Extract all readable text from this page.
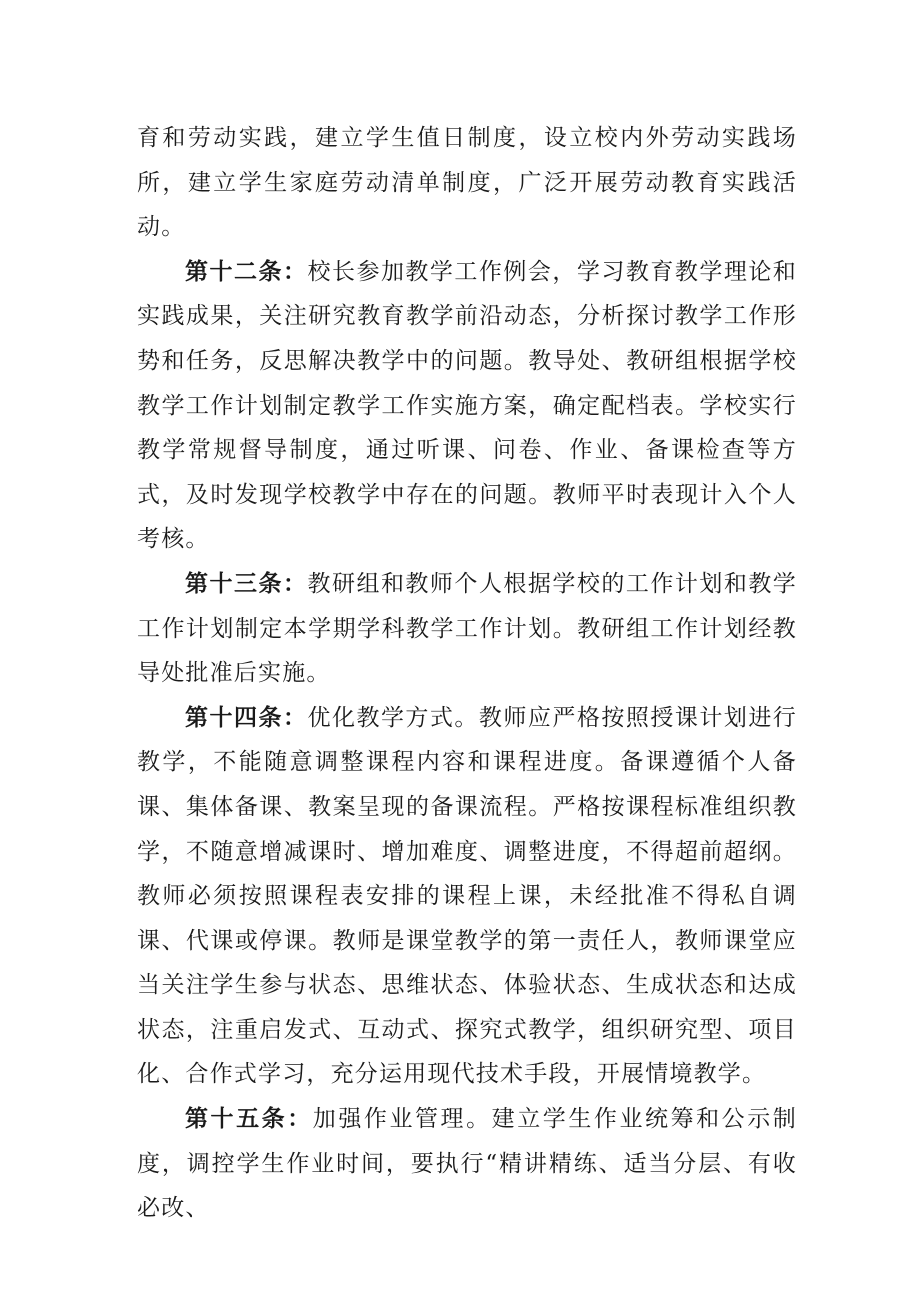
育和劳动实践，建立学生值日制度，设立校内外劳动实践场所，建立学生家庭劳动清单制度，广泛开展劳动教育实践活动。

第十二条：校长参加教学工作例会，学习教育教学理论和实践成果，关注研究教育教学前沿动态，分析探讨教学工作形势和任务，反思解决教学中的问题。教导处、教研组根据学校教学工作计划制定教学工作实施方案，确定配档表。学校实行教学常规督导制度，通过听课、问卷、作业、备课检查等方式，及时发现学校教学中存在的问题。教师平时表现计入个人考核。

第十三条：教研组和教师个人根据学校的工作计划和教学工作计划制定本学期学科教学工作计划。教研组工作计划经教导处批准后实施。

第十四条：优化教学方式。教师应严格按照授课计划进行教学，不能随意调整课程内容和课程进度。备课遵循个人备课、集体备课、教案呈现的备课流程。严格按课程标准组织教学，不随意增减课时、增加难度、调整进度，不得超前超纲。教师必须按照课程表安排的课程上课，未经批准不得私自调课、代课或停课。教师是课堂教学的第一责任人，教师课堂应当关注学生参与状态、思维状态、体验状态、生成状态和达成状态，注重启发式、互动式、探究式教学，组织研究型、项目化、合作式学习，充分运用现代技术手段，开展情境教学。

第十五条：加强作业管理。建立学生作业统筹和公示制度，调控学生作业时间，要执行“精讲精练、适当分层、有收必改、
